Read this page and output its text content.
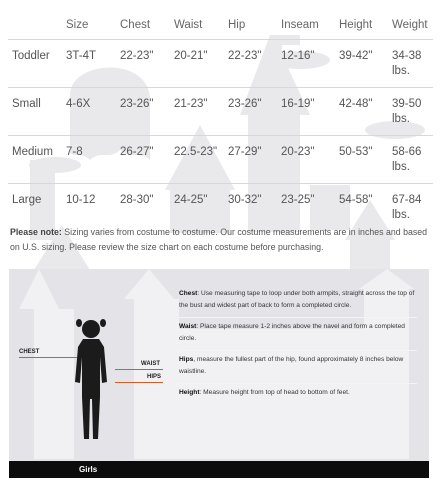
	Size	Chest	Waist	Hip	Inseam	Height	Weight
Toddler	3T-4T	22-23"	20-21"	22-23"	12-16"	39-42"	34-38 lbs.
Small	4-6X	23-26"	21-23"	23-26"	16-19"	42-48"	39-50 lbs.
Medium	7-8	26-27"	22.5-23"	27-29"	20-23"	50-53"	58-66 lbs.
Large	10-12	28-30"	24-25"	30-32"	23-25"	54-58"	67-84 lbs.
Please note: Sizing varies from costume to costume. Our costume measurements are in inches and based on U.S. sizing. Please review the size chart on each costume before purchasing.
CHEST
WAIST
HIPS
Chest: Use measuring tape to loop under both armpits, straight across the top of the bust and widest part of back to form a completed circle.
Waist: Place tape measure 1-2 inches above the navel and form a completed circle.
Hips, measure the fullest part of the hip, found approximately 8 inches below waistline.
Height: Measure height from top of head to bottom of feet.
Girls
